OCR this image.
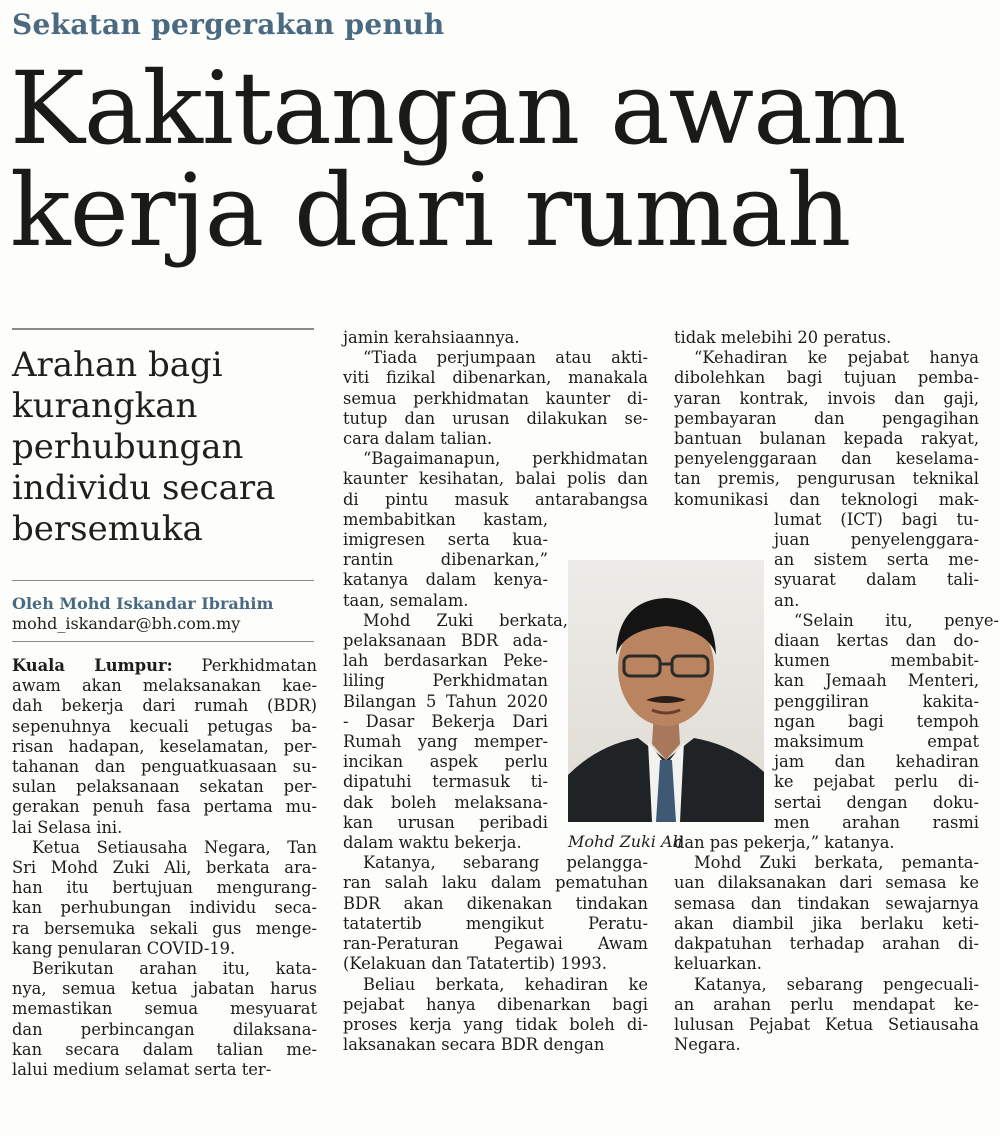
Sekatan pergerakan penuh
Kakitangan awam
kerja dari rumah
Arahan bagi
kurangkan
perhubungan
individu secara
bersemuka
Oleh Mohd Iskandar Ibrahim
mohd_iskandar@bh.com.my
Kuala Lumpur: Perkhidmatan
awam akan melaksanakan kae-
dah bekerja dari rumah (BDR)
sepenuhnya kecuali petugas ba-
risan hadapan, keselamatan, per-
tahanan dan penguatkuasaan su-
sulan pelaksanaan sekatan per-
gerakan penuh fasa pertama mu-
lai Selasa ini.
Ketua Setiausaha Negara, Tan
Sri Mohd Zuki Ali, berkata ara-
han itu bertujuan mengurang-
kan perhubungan individu seca-
ra bersemuka sekali gus menge-
kang penularan COVID-19.
Berikutan arahan itu, kata-
nya, semua ketua jabatan harus
memastikan semua mesyuarat
dan perbincangan dilaksana-
kan secara dalam talian me-
lalui medium selamat serta ter-
jamin kerahsiaannya.
“Tiada perjumpaan atau akti-
viti fizikal dibenarkan, manakala
semua perkhidmatan kaunter di-
tutup dan urusan dilakukan se-
cara dalam talian.
“Bagaimanapun, perkhidmatan
kaunter kesihatan, balai polis dan
di pintu masuk antarabangsa
membabitkan kastam,
imigresen serta kua-
rantin dibenarkan,”
katanya dalam kenya-
taan, semalam.
Mohd Zuki berkata,
pelaksanaan BDR ada-
lah berdasarkan Peke-
liling Perkhidmatan
Bilangan 5 Tahun 2020
- Dasar Bekerja Dari
Rumah yang memper-
incikan aspek perlu
dipatuhi termasuk ti-
dak boleh melaksana-
kan urusan peribadi
dalam waktu bekerja.
Katanya, sebarang pelangga-
ran salah laku dalam pematuhan
BDR akan dikenakan tindakan
tatatertib mengikut Peratu-
ran-Peraturan Pegawai Awam
(Kelakuan dan Tatatertib) 1993.
Beliau berkata, kehadiran ke
pejabat hanya dibenarkan bagi
proses kerja yang tidak boleh di-
laksanakan secara BDR dengan
Mohd Zuki Ali
tidak melebihi 20 peratus.
“Kehadiran ke pejabat hanya
dibolehkan bagi tujuan pemba-
yaran kontrak, invois dan gaji,
pembayaran dan pengagihan
bantuan bulanan kepada rakyat,
penyelenggaraan dan keselama-
tan premis, pengurusan teknikal
komunikasi dan teknologi mak-
lumat (ICT) bagi tu-
juan penyelenggara-
an sistem serta me-
syuarat dalam tali-
an.
“Selain itu, penye-
diaan kertas dan do-
kumen membabit-
kan Jemaah Menteri,
penggiliran kakita-
ngan bagi tempoh
maksimum empat
jam dan kehadiran
ke pejabat perlu di-
sertai dengan doku-
men arahan rasmi
dan pas pekerja,” katanya.
Mohd Zuki berkata, pemanta-
uan dilaksanakan dari semasa ke
semasa dan tindakan sewajarnya
akan diambil jika berlaku keti-
dakpatuhan terhadap arahan di-
keluarkan.
Katanya, sebarang pengecuali-
an arahan perlu mendapat ke-
lulusan Pejabat Ketua Setiausaha
Negara.
